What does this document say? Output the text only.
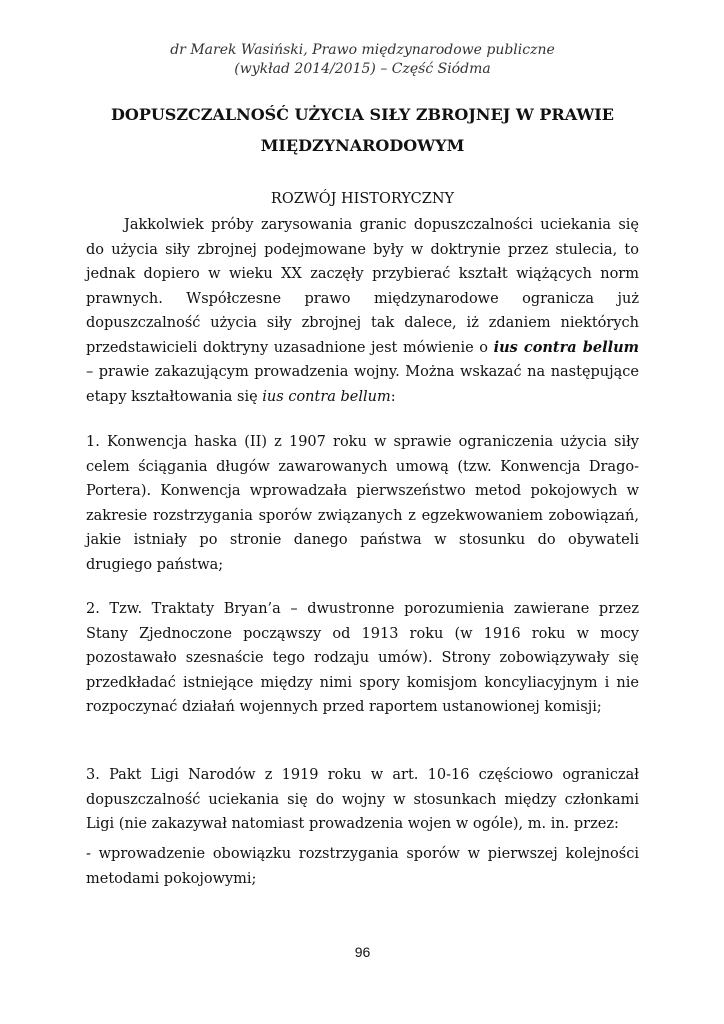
dr Marek Wasiński, Prawo międzynarodowe publiczne
(wykład 2014/2015) – Część Siódma
DOPUSZCZALNOŚĆ UŻYCIA SIŁY ZBROJNEJ W PRAWIE
MIĘDZYNARODOWYM
ROZWÓJ HISTORYCZNY

Jakkolwiek próby zarysowania granic dopuszczalności uciekania się do użycia siły zbrojnej podejmowane były w doktrynie przez stulecia, to jednak dopiero w wieku XX zaczęły przybierać kształt wiążących norm prawnych. Współczesne prawo międzynarodowe ogranicza już dopuszczalność użycia siły zbrojnej tak dalece, iż zdaniem niektórych przedstawicieli doktryny uzasadnione jest mówienie o ius contra bellum – prawie zakazującym prowadzenia wojny. Można wskazać na następujące etapy kształtowania się ius contra bellum:

1. Konwencja haska (II) z 1907 roku w sprawie ograniczenia użycia siły celem ściągania długów zawarowanych umową (tzw. Konwencja Drago-Portera). Konwencja wprowadzała pierwszeństwo metod pokojowych w zakresie rozstrzygania sporów związanych z egzekwowaniem zobowiązań, jakie istniały po stronie danego państwa w stosunku do obywateli drugiego państwa;

2. Tzw. Traktaty Bryan’a – dwustronne porozumienia zawierane przez Stany Zjednoczone począwszy od 1913 roku (w 1916 roku w mocy pozostawało szesnaście tego rodzaju umów). Strony zobowiązywały się przedkładać istniejące między nimi spory komisjom koncyliacyjnym i nie rozpoczynać działań wojennych przed raportem ustanowionej komisji;

3. Pakt Ligi Narodów z 1919 roku w art. 10-16 częściowo ograniczał dopuszczalność uciekania się do wojny w stosunkach między członkami Ligi (nie zakazywał natomiast prowadzenia wojen w ogóle), m. in. przez:

- wprowadzenie obowiązku rozstrzygania sporów w pierwszej kolejności metodami pokojowymi;

96
